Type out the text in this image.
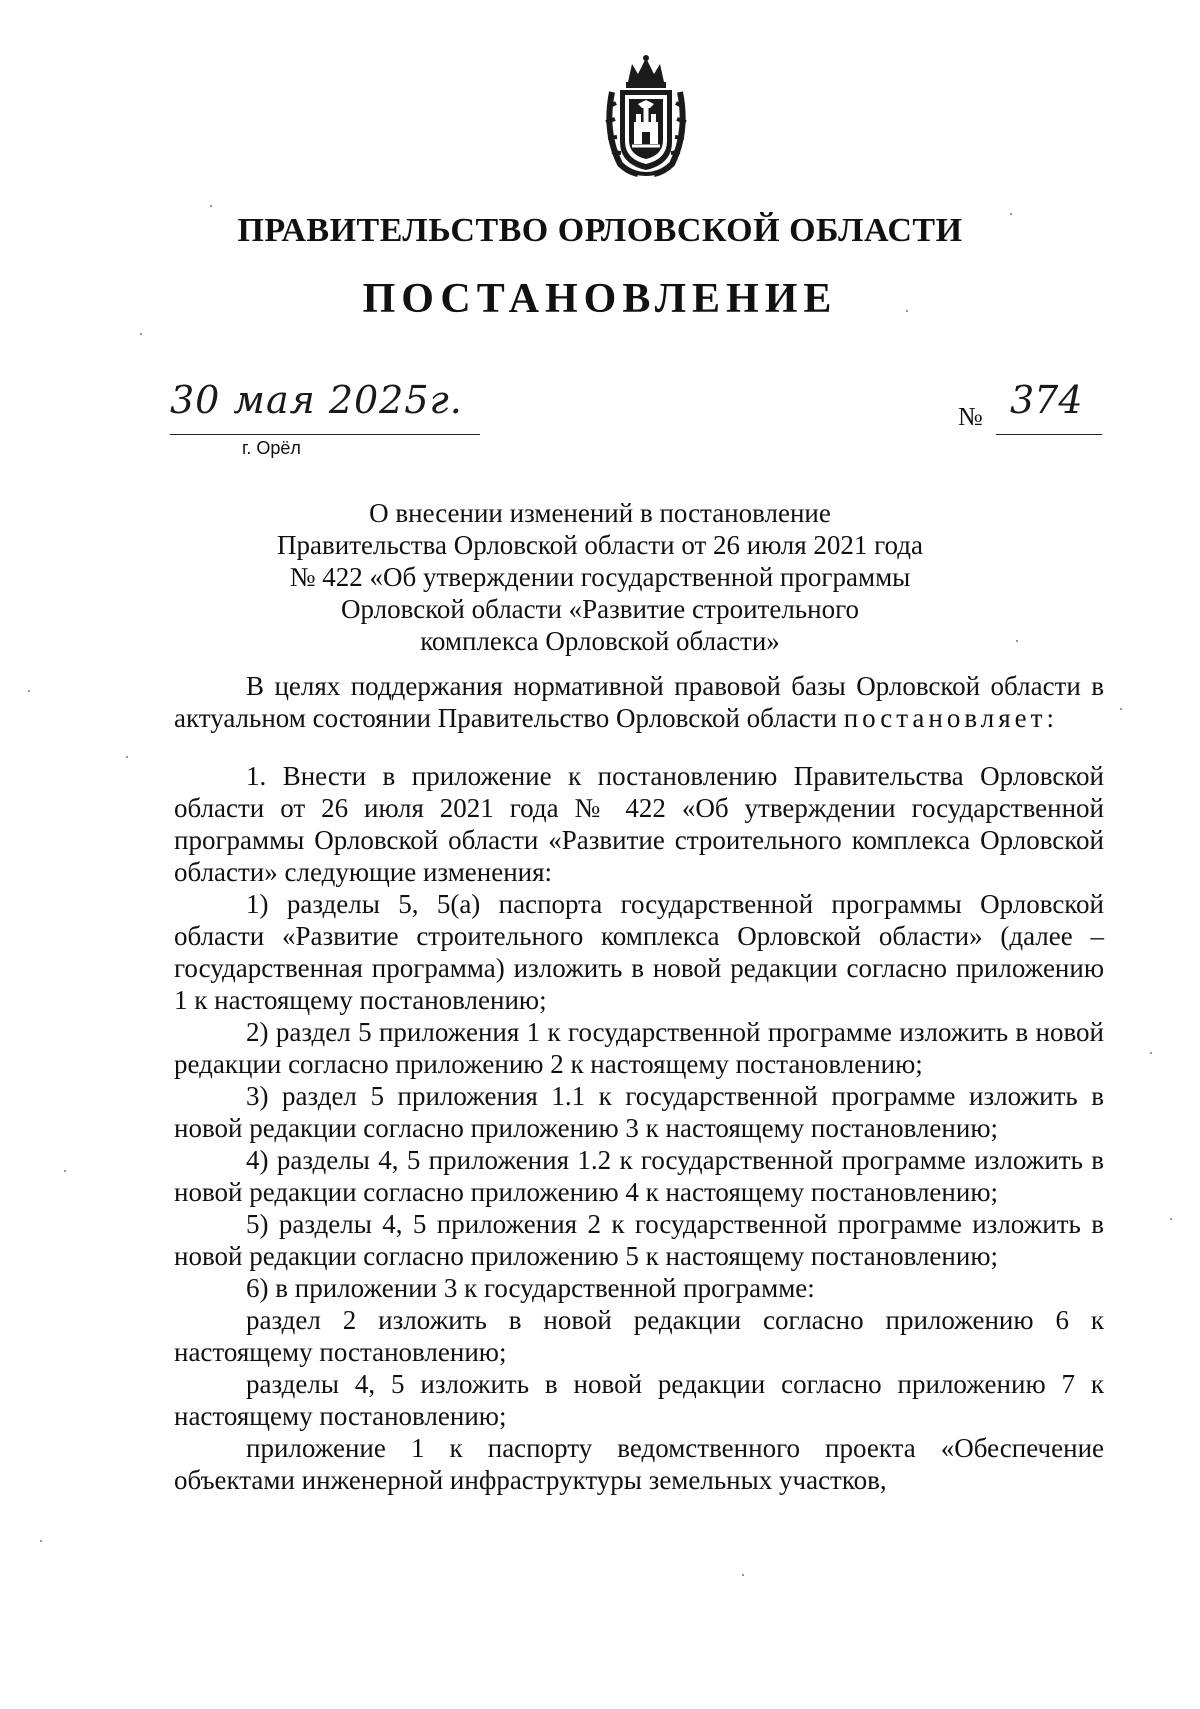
ПРАВИТЕЛЬСТВО ОРЛОВСКОЙ ОБЛАСТИ
ПОСТАНОВЛЕНИЕ
30 мая 2025г.
г. Орёл
№ 374
О внесении изменений в постановление
Правительства Орловской области от 26 июля 2021 года
№ 422 «Об утверждении государственной программы
Орловской области «Развитие строительного
комплекса Орловской области»

В целях поддержания нормативной правовой базы Орловской области в актуальном состоянии Правительство Орловской области постановляет:

1. Внести в приложение к постановлению Правительства Орловской области от 26 июля 2021 года № 422 «Об утверждении государственной программы Орловской области «Развитие строительного комплекса Орловской области» следующие изменения:

1) разделы 5, 5(а) паспорта государственной программы Орловской области «Развитие строительного комплекса Орловской области» (далее – государственная программа) изложить в новой редакции согласно приложению 1 к настоящему постановлению;

2) раздел 5 приложения 1 к государственной программе изложить в новой редакции согласно приложению 2 к настоящему постановлению;

3) раздел 5 приложения 1.1 к государственной программе изложить в новой редакции согласно приложению 3 к настоящему постановлению;

4) разделы 4, 5 приложения 1.2 к государственной программе изложить в новой редакции согласно приложению 4 к настоящему постановлению;

5) разделы 4, 5 приложения 2 к государственной программе изложить в новой редакции согласно приложению 5 к настоящему постановлению;

6) в приложении 3 к государственной программе:

раздел 2 изложить в новой редакции согласно приложению 6 к настоящему постановлению;

разделы 4, 5 изложить в новой редакции согласно приложению 7 к настоящему постановлению;

приложение 1 к паспорту ведомственного проекта «Обеспечение объектами инженерной инфраструктуры земельных участков,
